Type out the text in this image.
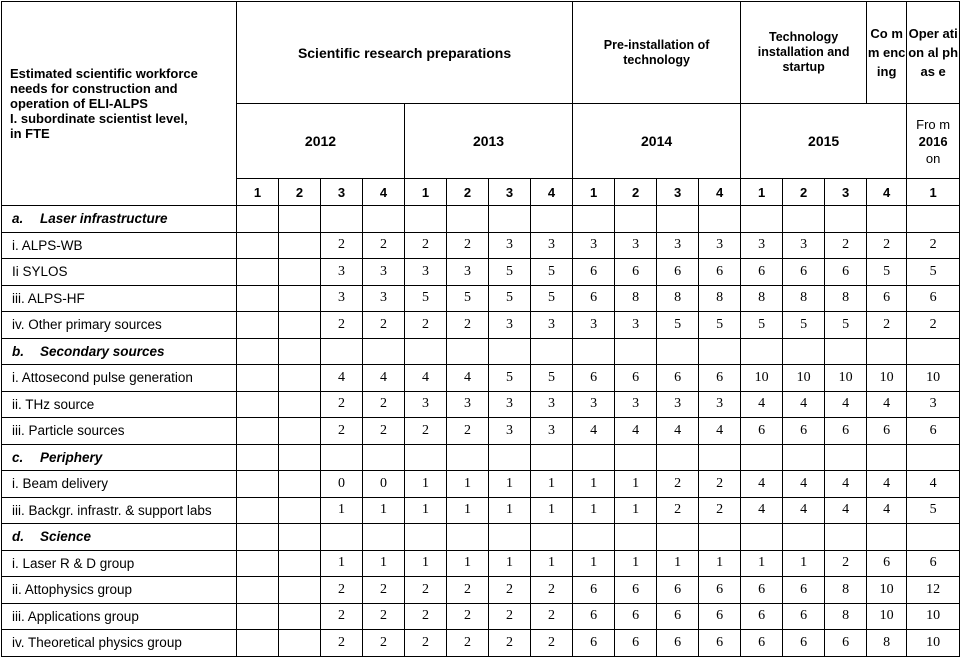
Estimated scientific workforce
needs for construction and
operation of ELI-ALPS
I. subordinate scientist level,
in FTE	Scientific research preparations								Pre-installation of technology				Technology installation and startup			Co mm enc ing	Oper ation al phas e
	2012				2013				2014				2015				Fro m
2016
on
	1	2	3	4	1	2	3	4	1	2	3	4	1	2	3	4	1
a. Laser infrastructure																	
i. ALPS-WB			2	2	2	2	3	3	3	3	3	3	3	3	2	2	2
Ii SYLOS			3	3	3	3	5	5	6	6	6	6	6	6	6	5	5
iii. ALPS-HF			3	3	5	5	5	5	6	8	8	8	8	8	8	6	6
iv. Other primary sources			2	2	2	2	3	3	3	3	5	5	5	5	5	2	2
b. Secondary sources																	
i. Attosecond pulse generation			4	4	4	4	5	5	6	6	6	6	10	10	10	10	10
ii. THz source			2	2	3	3	3	3	3	3	3	3	4	4	4	4	3
iii. Particle sources			2	2	2	2	3	3	4	4	4	4	6	6	6	6	6
c. Periphery																	
i. Beam delivery			0	0	1	1	1	1	1	1	2	2	4	4	4	4	4
iii. Backgr. infrastr. & support labs			1	1	1	1	1	1	1	1	2	2	4	4	4	4	5
d. Science																	
i. Laser R & D group			1	1	1	1	1	1	1	1	1	1	1	1	2	6	6
ii. Attophysics group			2	2	2	2	2	2	6	6	6	6	6	6	8	10	12
iii. Applications group			2	2	2	2	2	2	6	6	6	6	6	6	8	10	10
iv. Theoretical physics group			2	2	2	2	2	2	6	6	6	6	6	6	6	8	10
